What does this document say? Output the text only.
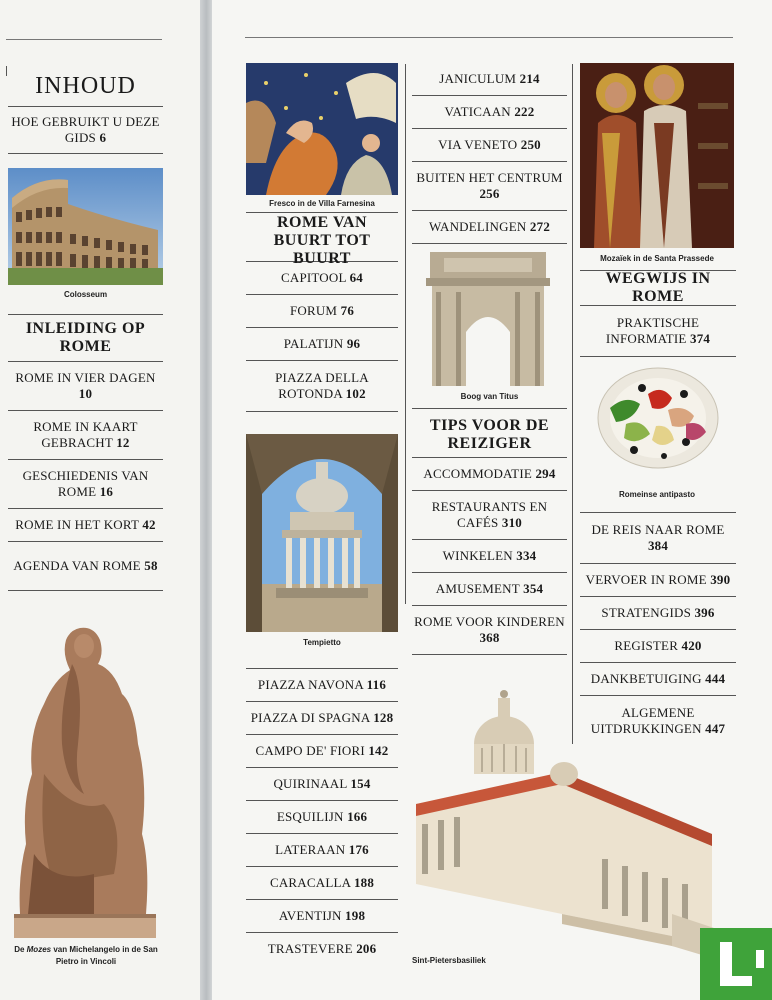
INHOUD
HOE GEBRUIKT U DEZE GIDS 6
Colosseum
INLEIDING OP ROME
ROME IN VIER DAGEN 10
ROME IN KAART GEBRACHT 12
GESCHIEDENIS VAN ROME 16
ROME IN HET KORT 42
AGENDA VAN ROME 58
De Mozes van Michelangelo in de San Pietro in Vincoli
Fresco in de Villa Farnesina
ROME VAN BUURT TOT BUURT
CAPITOOL 64
FORUM 76
PALATIJN 96
PIAZZA DELLA ROTONDA 102
Tempietto
PIAZZA NAVONA 116
PIAZZA DI SPAGNA 128
CAMPO DE' FIORI 142
QUIRINAAL 154
ESQUILIJN 166
LATERAAN 176
CARACALLA 188
AVENTIJN 198
TRASTEVERE 206
JANICULUM 214
VATICAAN 222
VIA VENETO 250
BUITEN HET CENTRUM 256
WANDELINGEN 272
Boog van Titus
TIPS VOOR DE REIZIGER
ACCOMMODATIE 294
RESTAURANTS EN CAFÉS 310
WINKELEN 334
AMUSEMENT 354
ROME VOOR KINDEREN 368
Sint-Pietersbasiliek
Mozaïek in de Santa Prassede
WEGWIJS IN ROME
PRAKTISCHE INFORMATIE 374
Romeinse antipasto
DE REIS NAAR ROME 384
VERVOER IN ROME 390
STRATENGIDS 396
REGISTER 420
DANKBETUIGING 444
ALGEMENE UITDRUKKINGEN 447
